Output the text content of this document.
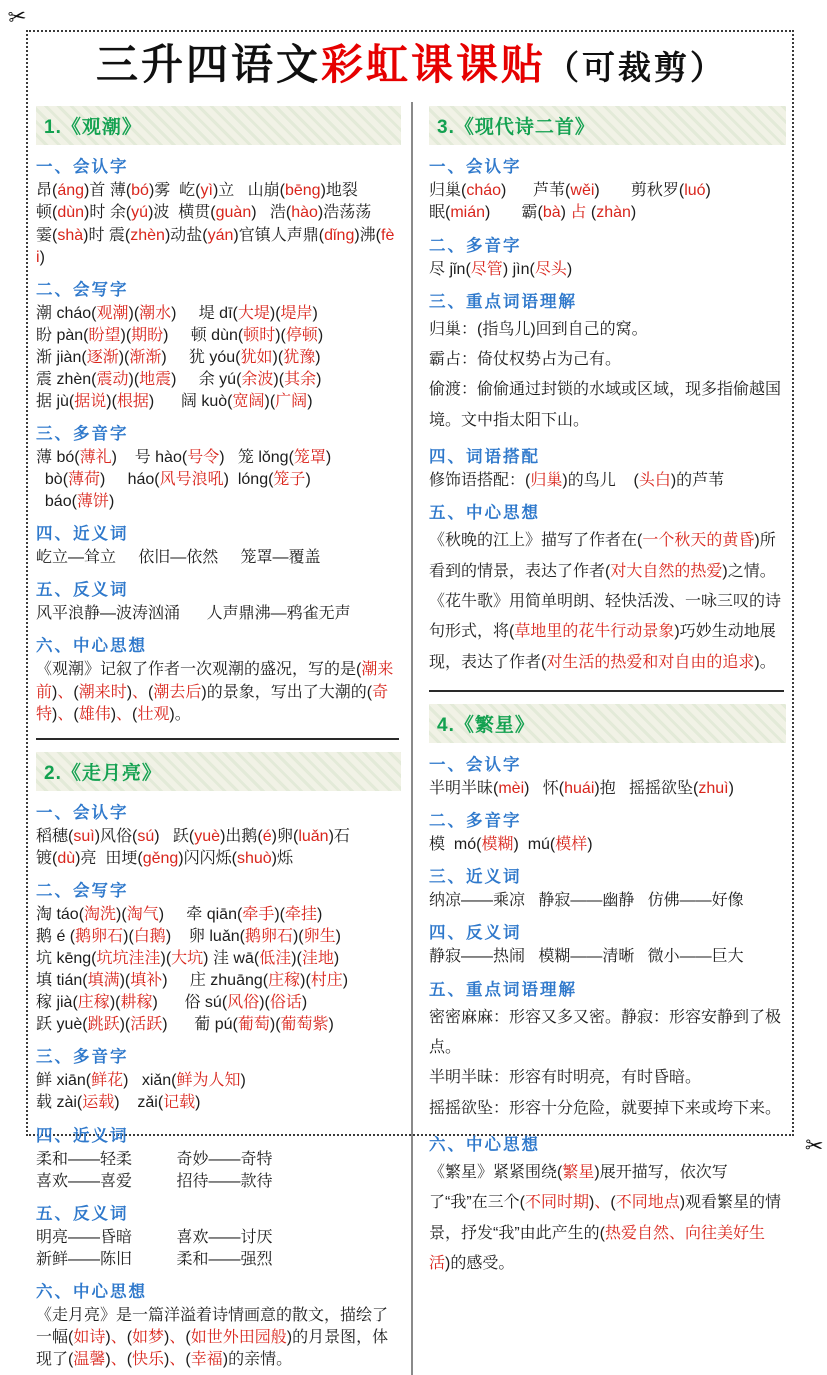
✂
✂
三升四语文彩虹课课贴（可裁剪）
1.《观潮》
一、会认字
昂(áng)首 薄(bó)雾  屹(yì)立   山崩(bēng)地裂
顿(dùn)时 余(yú)波  横贯(guàn)   浩(hào)浩荡荡
霎(shà)时 震(zhèn)动盐(yán)官镇人声鼎(dǐng)沸(fèi)
二、会写字
潮 cháo(观潮)(潮水)     堤 dī(大堤)(堤岸)
盼 pàn(盼望)(期盼)     顿 dùn(顿时)(停顿)
渐 jiàn(逐渐)(渐渐)     犹 yóu(犹如)(犹豫)
震 zhèn(震动)(地震)     余 yú(余波)(其余)
据 jù(据说)(根据)      阔 kuò(宽阔)(广阔)
三、多音字
薄 bó(薄礼)    号 hào(号令)   笼 lǒng(笼罩)
bò(薄荷)     háo(风号浪吼)  lóng(笼子)
báo(薄饼)
四、近义词
屹立—耸立     依旧—依然     笼罩—覆盖
五、反义词
风平浪静—波涛汹涌      人声鼎沸—鸦雀无声
六、中心思想
《观潮》记叙了作者一次观潮的盛况，写的是(潮来前)、(潮来时)、(潮去后)的景象，写出了大潮的(奇特)、(雄伟)、(壮观)。
2.《走月亮》
一、会认字
稻穗(suì)风俗(sú)   跃(yuè)出鹅(é)卵(luǎn)石
镀(dù)亮  田埂(gěng)闪闪烁(shuò)烁
二、会写字
淘 táo(淘洗)(淘气)     牵 qiān(牵手)(牵挂)
鹅 é (鹅卵石)(白鹅)    卵 luǎn(鹅卵石)(卵生)
坑 kēng(坑坑洼洼)(大坑) 洼 wā(低洼)(洼地)
填 tián(填满)(填补)     庄 zhuāng(庄稼)(村庄)
稼 jià(庄稼)(耕稼)      俗 sú(风俗)(俗话)
跃 yuè(跳跃)(活跃)      葡 pú(葡萄)(葡萄紫)
三、多音字
鲜 xiān(鲜花)   xiǎn(鲜为人知)
载 zài(运载)    zǎi(记载)
四、近义词
柔和——轻柔          奇妙——奇特
喜欢——喜爱          招待——款待
五、反义词
明亮——昏暗          喜欢——讨厌
新鲜——陈旧          柔和——强烈
六、中心思想
《走月亮》是一篇洋溢着诗情画意的散文，描绘了一幅(如诗)、(如梦)、(如世外田园般)的月景图，体现了(温馨)、(快乐)、(幸福)的亲情。
3.《现代诗二首》
一、会认字
归巢(cháo)      芦苇(wěi)       剪秋罗(luó)
眠(mián)       霸(bà) 占 (zhàn)
二、多音字
尽 jǐn(尽管) jìn(尽头)
三、重点词语理解
归巢：(指鸟儿)回到自己的窝。
霸占：倚仗权势占为己有。
偷渡：偷偷通过封锁的水域或区域，现多指偷越国境。文中指太阳下山。
四、词语搭配
修饰语搭配：(归巢)的鸟儿    (头白)的芦苇
五、中心思想
《秋晚的江上》描写了作者在(一个秋天的黄昏)所看到的情景，表达了作者(对大自然的热爱)之情。
《花牛歌》用简单明朗、轻快活泼、一咏三叹的诗句形式，将(草地里的花牛行动景象)巧妙生动地展现，表达了作者(对生活的热爱和对自由的追求)。
4.《繁星》
一、会认字
半明半昧(mèi)   怀(huái)抱   摇摇欲坠(zhuì)
二、多音字
模  mó(模糊)  mú(模样)
三、近义词
纳凉——乘凉   静寂——幽静   仿佛——好像
四、反义词
静寂——热闹   模糊——清晰   微小——巨大
五、重点词语理解
密密麻麻：形容又多又密。静寂：形容安静到了极点。
半明半昧：形容有时明亮，有时昏暗。
摇摇欲坠：形容十分危险，就要掉下来或垮下来。
六、中心思想
《繁星》紧紧围绕(繁星)展开描写，依次写了“我”在三个(不同时期)、(不同地点)观看繁星的情景，抒发“我”由此产生的(热爱自然、向往美好生活)的感受。
